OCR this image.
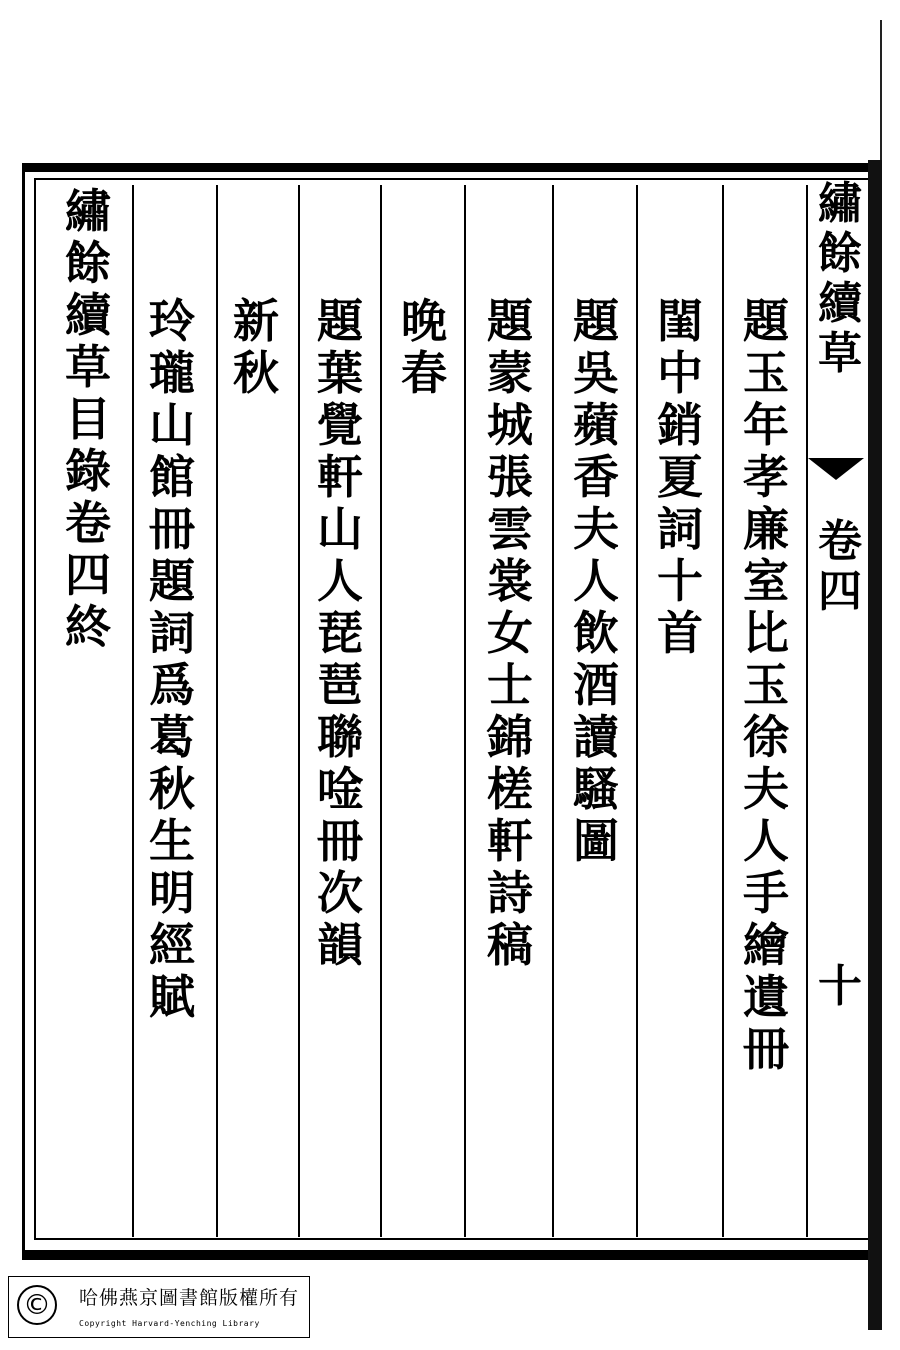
繡
餘
續
草
卷
四
十
題
玉
年
孝
廉
室
比
玉
徐
夫
人
手
繪
遺
冊
閨
中
銷
夏
詞
十
首
題
吳
蘋
香
夫
人
飲
酒
讀
騷
圖
題
蒙
城
張
雲
裳
女
士
錦
槎
軒
詩
稿
晚
春
題
葉
覺
軒
山
人
琵
琶
聯
唫
冊
次
韻
新
秋
玲
瓏
山
館
冊
題
詞
爲
葛
秋
生
明
經
賦
繡
餘
續
草
目
錄
卷
四
終
©	哈佛燕京圖書館版權所有
Copyright Harvard-Yenching Library
